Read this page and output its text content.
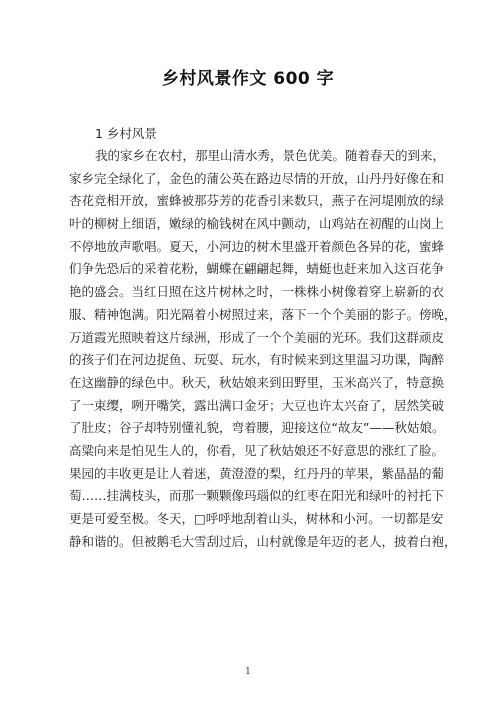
乡村风景作文 600 字
1 乡村风景
我的家乡在农村，那里山清水秀，景色优美。随着春天的到来，
家乡完全绿化了，金色的蒲公英在路边尽情的开放，山丹丹好像在和
杏花竞相开放，蜜蜂被那芬芳的花香引来数只，燕子在河堤刚放的绿
叶的柳树上细语，嫩绿的榆钱树在风中颤动，山鸡站在初醒的山岗上
不停地放声歌唱。夏天，小河边的树木里盛开着颜色各异的花，蜜蜂
们争先恐后的采着花粉，蝴蝶在翩翩起舞，蜻蜓也赶来加入这百花争
艳的盛会。当红日照在这片树林之时，一株株小树像着穿上崭新的衣
服、精神饱满。阳光隔着小树照过来，落下一个个美丽的影子。傍晚，
万道霞光照映着这片绿洲，形成了一个个美丽的光环。我们这群顽皮
的孩子们在河边捉鱼、玩耍、玩水，有时候来到这里温习功课，陶醉
在这幽静的绿色中。秋天，秋姑娘来到田野里，玉米高兴了，特意换
了一束缨，咧开嘴笑，露出满口金牙；大豆也许太兴奋了，居然笑破
了肚皮；谷子却特别懂礼貌，弯着腰，迎接这位“故友”——秋姑娘。
高粱向来是怕见生人的，你看，见了秋姑娘还不好意思的涨红了脸。
果园的丰收更是让人着迷，黄澄澄的梨，红丹丹的苹果，紫晶晶的葡
萄……挂满枝头，而那一颗颗像玛瑙似的红枣在阳光和绿叶的衬托下
更是可爱至极。冬天，□呼呼地刮着山头，树林和小河。一切都是安
静和谐的。但被鹅毛大雪刮过后，山村就像是年迈的老人，披着白袍，
1
